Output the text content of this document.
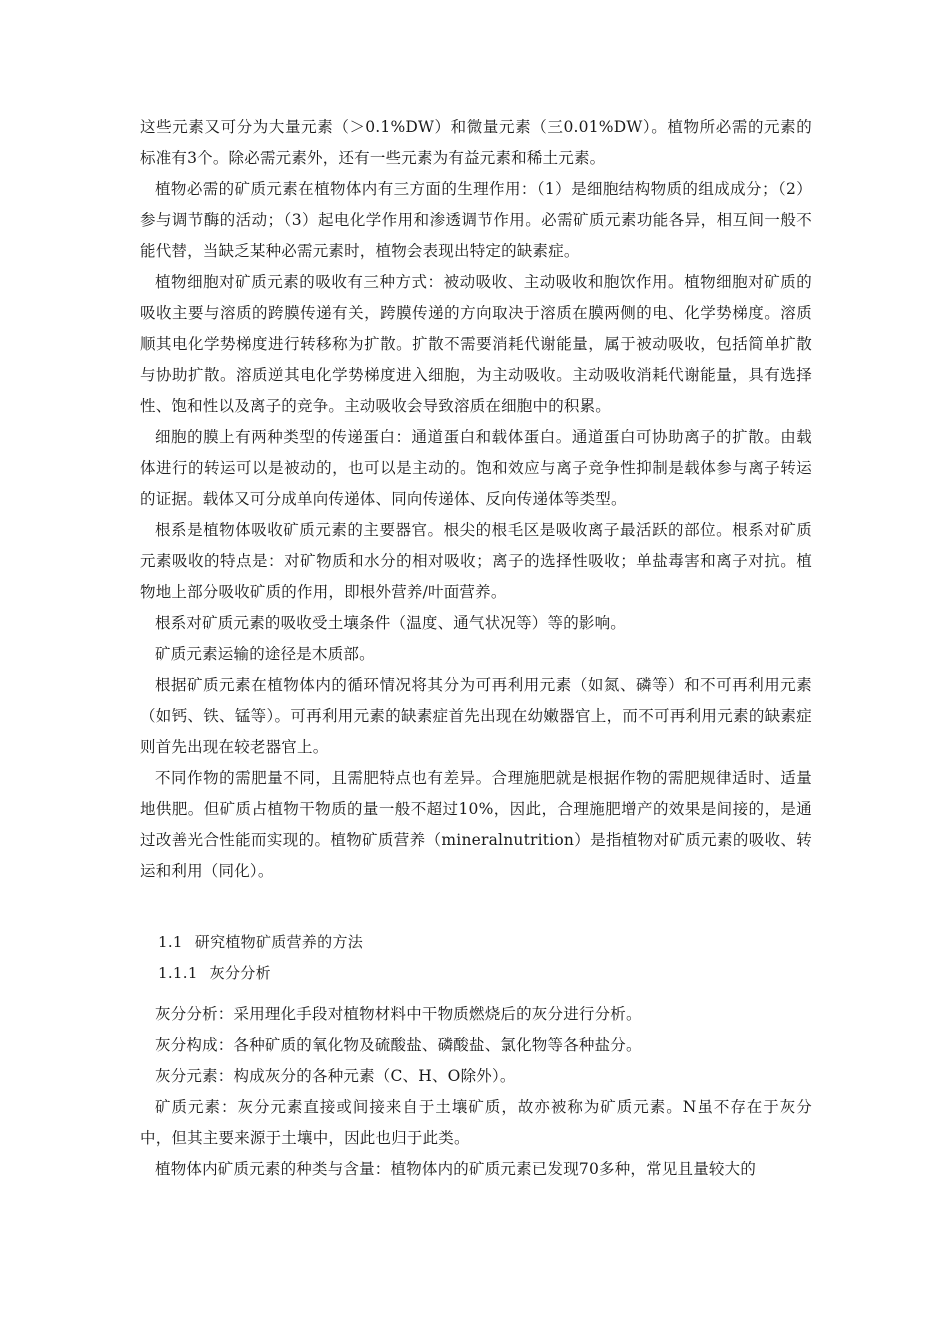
这些元素又可分为大量元素（＞0.1%DW）和微量元素（三0.01%DW）。植物所必需的元素的标准有3个。除必需元素外，还有一些元素为有益元素和稀土元素。

植物必需的矿质元素在植物体内有三方面的生理作用：（1）是细胞结构物质的组成成分；（2）参与调节酶的活动；（3）起电化学作用和渗透调节作用。必需矿质元素功能各异，相互间一般不能代替，当缺乏某种必需元素时，植物会表现出特定的缺素症。

植物细胞对矿质元素的吸收有三种方式：被动吸收、主动吸收和胞饮作用。植物细胞对矿质的吸收主要与溶质的跨膜传递有关，跨膜传递的方向取决于溶质在膜两侧的电、化学势梯度。溶质顺其电化学势梯度进行转移称为扩散。扩散不需要消耗代谢能量，属于被动吸收，包括简单扩散与协助扩散。溶质逆其电化学势梯度进入细胞，为主动吸收。主动吸收消耗代谢能量，具有选择性、饱和性以及离子的竞争。主动吸收会导致溶质在细胞中的积累。

细胞的膜上有两种类型的传递蛋白：通道蛋白和载体蛋白。通道蛋白可协助离子的扩散。由载体进行的转运可以是被动的，也可以是主动的。饱和效应与离子竞争性抑制是载体参与离子转运的证据。载体又可分成单向传递体、同向传递体、反向传递体等类型。

根系是植物体吸收矿质元素的主要器官。根尖的根毛区是吸收离子最活跃的部位。根系对矿质元素吸收的特点是：对矿物质和水分的相对吸收；离子的选择性吸收；单盐毒害和离子对抗。植物地上部分吸收矿质的作用，即根外营养/叶面营养。

根系对矿质元素的吸收受土壤条件（温度、通气状况等）等的影响。

矿质元素运输的途径是木质部。

根据矿质元素在植物体内的循环情况将其分为可再利用元素（如氮、磷等）和不可再利用元素（如钙、铁、锰等）。可再利用元素的缺素症首先出现在幼嫩器官上，而不可再利用元素的缺素症则首先出现在较老器官上。

不同作物的需肥量不同，且需肥特点也有差异。合理施肥就是根据作物的需肥规律适时、适量地供肥。但矿质占植物干物质的量一般不超过10%，因此，合理施肥增产的效果是间接的，是通过改善光合性能而实现的。植物矿质营养（mineralnutrition）是指植物对矿质元素的吸收、转运和利用（同化）。

1.1 研究植物矿质营养的方法

1.1.1 灰分分析

灰分分析：采用理化手段对植物材料中干物质燃烧后的灰分进行分析。

灰分构成：各种矿质的氧化物及硫酸盐、磷酸盐、氯化物等各种盐分。

灰分元素：构成灰分的各种元素（C、H、O除外）。

矿质元素：灰分元素直接或间接来自于土壤矿质，故亦被称为矿质元素。N虽不存在于灰分中，但其主要来源于土壤中，因此也归于此类。

植物体内矿质元素的种类与含量：植物体内的矿质元素已发现70多种，常见且量较大的
